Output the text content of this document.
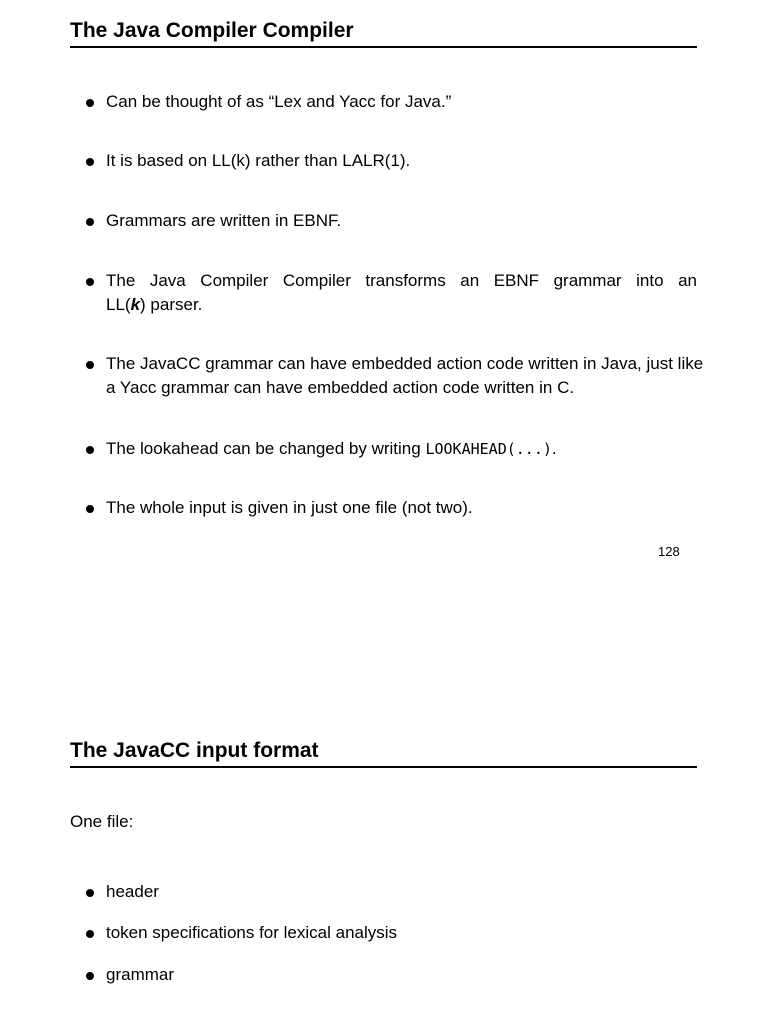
The Java Compiler Compiler
Can be thought of as “Lex and Yacc for Java.”
It is based on LL(k) rather than LALR(1).
Grammars are written in EBNF.
The Java Compiler Compiler transforms an EBNF grammar into an
LL(k) parser.
The JavaCC grammar can have embedded action code written in Java, just like a Yacc grammar can have embedded action code written in C.
The lookahead can be changed by writing LOOKAHEAD(...).
The whole input is given in just one file (not two).
128
The JavaCC input format
One file:
header
token specifications for lexical analysis
grammar
